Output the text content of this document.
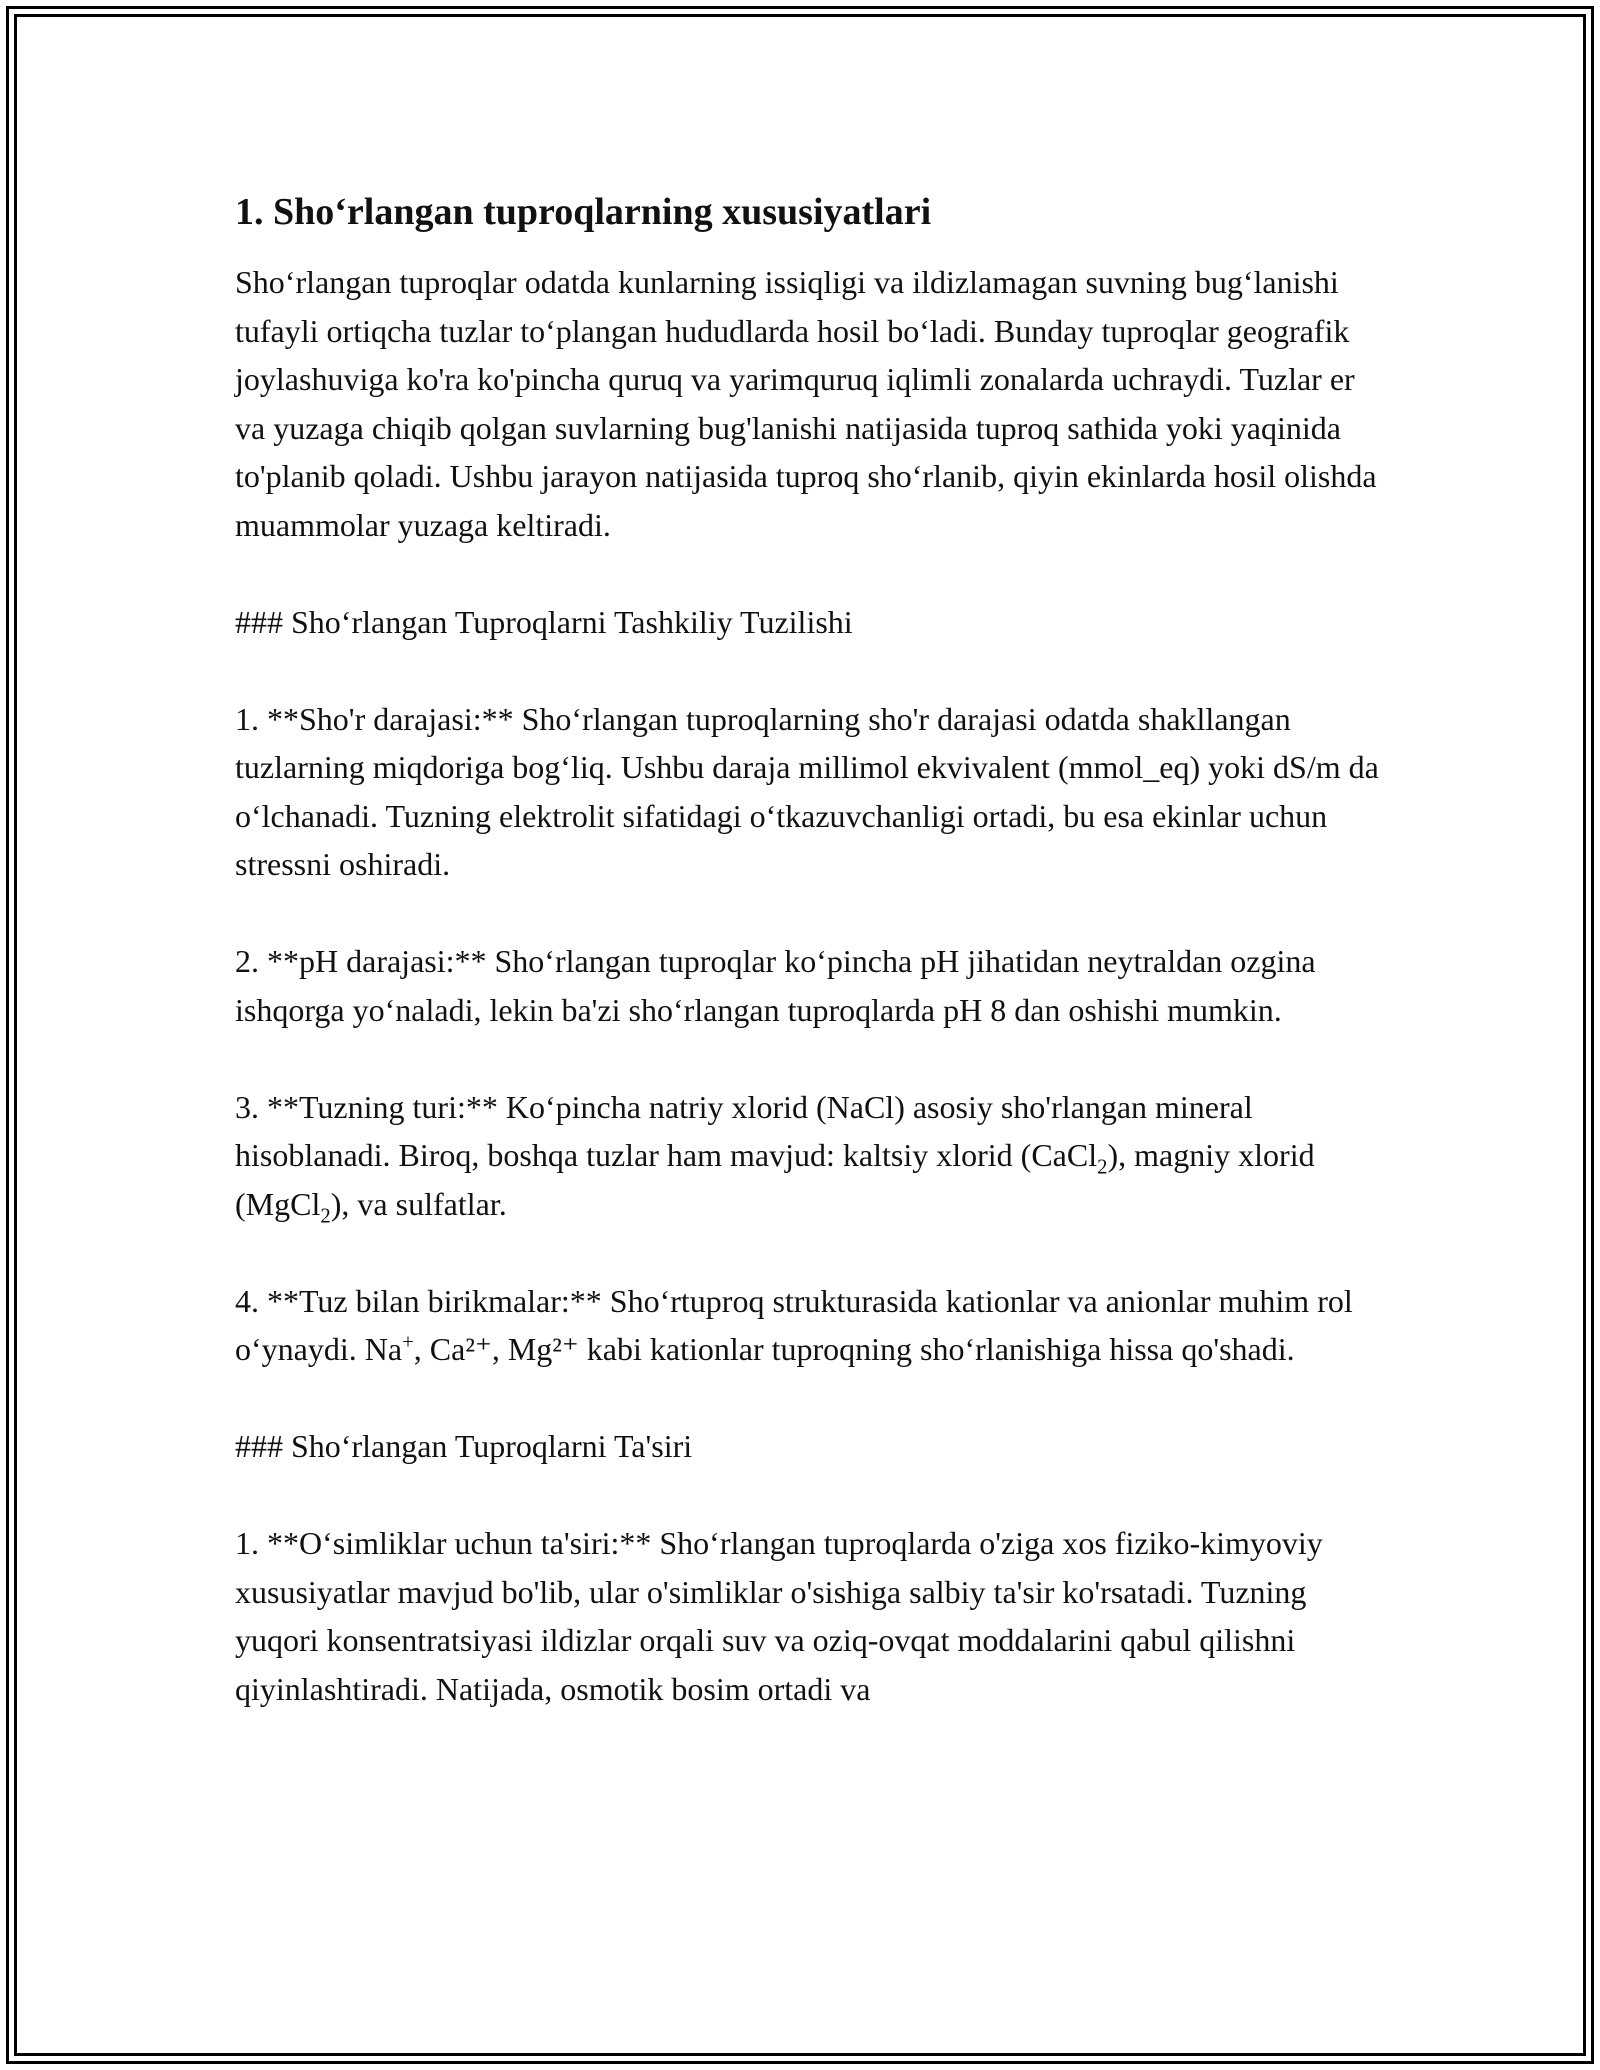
1. Sho‘rlangan tuproqlarning xususiyatlari

Sho‘rlangan tuproqlar odatda kunlarning issiqligi va ildizlamagan suvning bug‘lanishi tufayli ortiqcha tuzlar to‘plangan hududlarda hosil bo‘ladi. Bunday tuproqlar geografik joylashuviga ko'ra ko'pincha quruq va yarimquruq iqlimli zonalarda uchraydi. Tuzlar er va yuzaga chiqib qolgan suvlarning bug'lanishi natijasida tuproq sathida yoki yaqinida to'planib qoladi. Ushbu jarayon natijasida tuproq sho‘rlanib, qiyin ekinlarda hosil olishda muammolar yuzaga keltiradi.

### Sho‘rlangan Tuproqlarni Tashkiliy Tuzilishi

1. **Sho'r darajasi:** Sho‘rlangan tuproqlarning sho'r darajasi odatda shakllangan tuzlarning miqdoriga bog‘liq. Ushbu daraja millimol ekvivalent (mmol_eq) yoki dS/m da o‘lchanadi. Tuzning elektrolit sifatidagi o‘tkazuvchanligi ortadi, bu esa ekinlar uchun stressni oshiradi.

2. **pH darajasi:** Sho‘rlangan tuproqlar ko‘pincha pH jihatidan neytraldan ozgina ishqorga yo‘naladi, lekin ba'zi sho‘rlangan tuproqlarda pH 8 dan oshishi mumkin.

3. **Tuzning turi:** Ko‘pincha natriy xlorid (NaCl) asosiy sho'rlangan mineral hisoblanadi. Biroq, boshqa tuzlar ham mavjud: kaltsiy xlorid (CaCl$_2$), magniy xlorid (MgCl$_2$), va sulfatlar.

4. **Tuz bilan birikmalar:** Sho‘rtuproq strukturasida kationlar va anionlar muhim rol o‘ynaydi. Na+, Ca²⁺, Mg²⁺ kabi kationlar tuproqning sho‘rlanishiga hissa qo'shadi.

### Sho‘rlangan Tuproqlarni Ta'siri

1. **O‘simliklar uchun ta'siri:** Sho‘rlangan tuproqlarda o'ziga xos fiziko-kimyoviy xususiyatlar mavjud bo'lib, ular o'simliklar o'sishiga salbiy ta'sir ko'rsatadi. Tuzning yuqori konsentratsiyasi ildizlar orqali suv va oziq-ovqat moddalarini qabul qilishni qiyinlashtiradi. Natijada, osmotik bosim ortadi va
